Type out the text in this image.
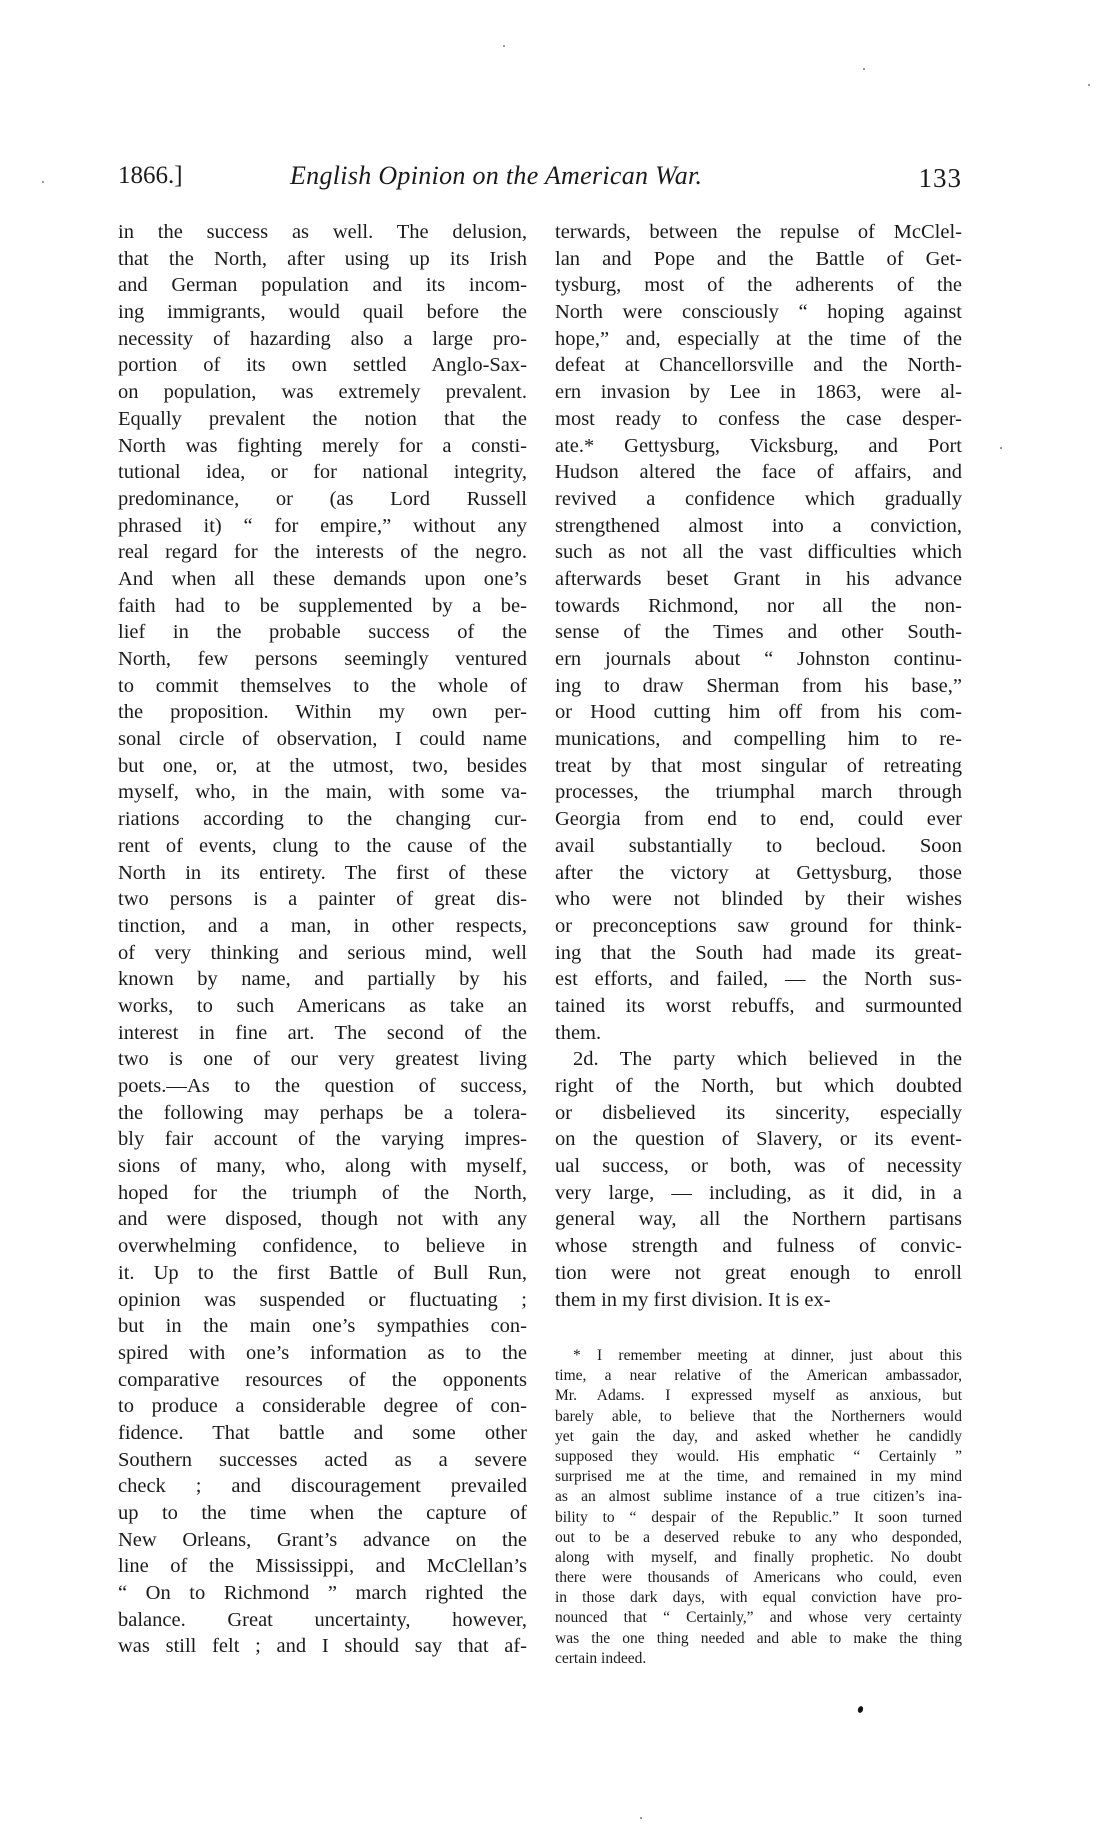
1866.]	English Opinion on the American War.	133
in the success as well. The delusion,
that the North, after using up its Irish
and German population and its incom-
ing immigrants, would quail before the
necessity of hazarding also a large pro-
portion of its own settled Anglo-Sax-
on population, was extremely prevalent.
Equally prevalent the notion that the
North was fighting merely for a consti-
tutional idea, or for national integrity,
predominance, or (as Lord Russell
phrased it) “ for empire,” without any
real regard for the interests of the negro.
And when all these demands upon one’s
faith had to be supplemented by a be-
lief in the probable success of the
North, few persons seemingly ventured
to commit themselves to the whole of
the proposition. Within my own per-
sonal circle of observation, I could name
but one, or, at the utmost, two, besides
myself, who, in the main, with some va-
riations according to the changing cur-
rent of events, clung to the cause of the
North in its entirety. The first of these
two persons is a painter of great dis-
tinction, and a man, in other respects,
of very thinking and serious mind, well
known by name, and partially by his
works, to such Americans as take an
interest in fine art. The second of the
two is one of our very greatest living
poets.—As to the question of success,
the following may perhaps be a tolera-
bly fair account of the varying impres-
sions of many, who, along with myself,
hoped for the triumph of the North,
and were disposed, though not with any
overwhelming confidence, to believe in
it. Up to the first Battle of Bull Run,
opinion was suspended or fluctuating ;
but in the main one’s sympathies con-
spired with one’s information as to the
comparative resources of the opponents
to produce a considerable degree of con-
fidence. That battle and some other
Southern successes acted as a severe
check ; and discouragement prevailed
up to the time when the capture of
New Orleans, Grant’s advance on the
line of the Mississippi, and McClellan’s
“ On to Richmond ” march righted the
balance. Great uncertainty, however,
was still felt ; and I should say that af-
terwards, between the repulse of McClel-
lan and Pope and the Battle of Get-
tysburg, most of the adherents of the
North were consciously “ hoping against
hope,” and, especially at the time of the
defeat at Chancellorsville and the North-
ern invasion by Lee in 1863, were al-
most ready to confess the case desper-
ate.* Gettysburg, Vicksburg, and Port
Hudson altered the face of affairs, and
revived a confidence which gradually
strengthened almost into a conviction,
such as not all the vast difficulties which
afterwards beset Grant in his advance
towards Richmond, nor all the non-
sense of the Times and other South-
ern journals about “ Johnston continu-
ing to draw Sherman from his base,”
or Hood cutting him off from his com-
munications, and compelling him to re-
treat by that most singular of retreating
processes, the triumphal march through
Georgia from end to end, could ever
avail substantially to becloud. Soon
after the victory at Gettysburg, those
who were not blinded by their wishes
or preconceptions saw ground for think-
ing that the South had made its great-
est efforts, and failed, — the North sus-
tained its worst rebuffs, and surmounted
them.
2d. The party which believed in the
right of the North, but which doubted
or disbelieved its sincerity, especially
on the question of Slavery, or its event-
ual success, or both, was of necessity
very large, — including, as it did, in a
general way, all the Northern partisans
whose strength and fulness of convic-
tion were not great enough to enroll
them in my first division. It is ex-
* I remember meeting at dinner, just about this
time, a near relative of the American ambassador,
Mr. Adams. I expressed myself as anxious, but
barely able, to believe that the Northerners would
yet gain the day, and asked whether he candidly
supposed they would. His emphatic “ Certainly ”
surprised me at the time, and remained in my mind
as an almost sublime instance of a true citizen’s ina-
bility to “ despair of the Republic.” It soon turned
out to be a deserved rebuke to any who desponded,
along with myself, and finally prophetic. No doubt
there were thousands of Americans who could, even
in those dark days, with equal conviction have pro-
nounced that “ Certainly,” and whose very certainty
was the one thing needed and able to make the thing
certain indeed.
